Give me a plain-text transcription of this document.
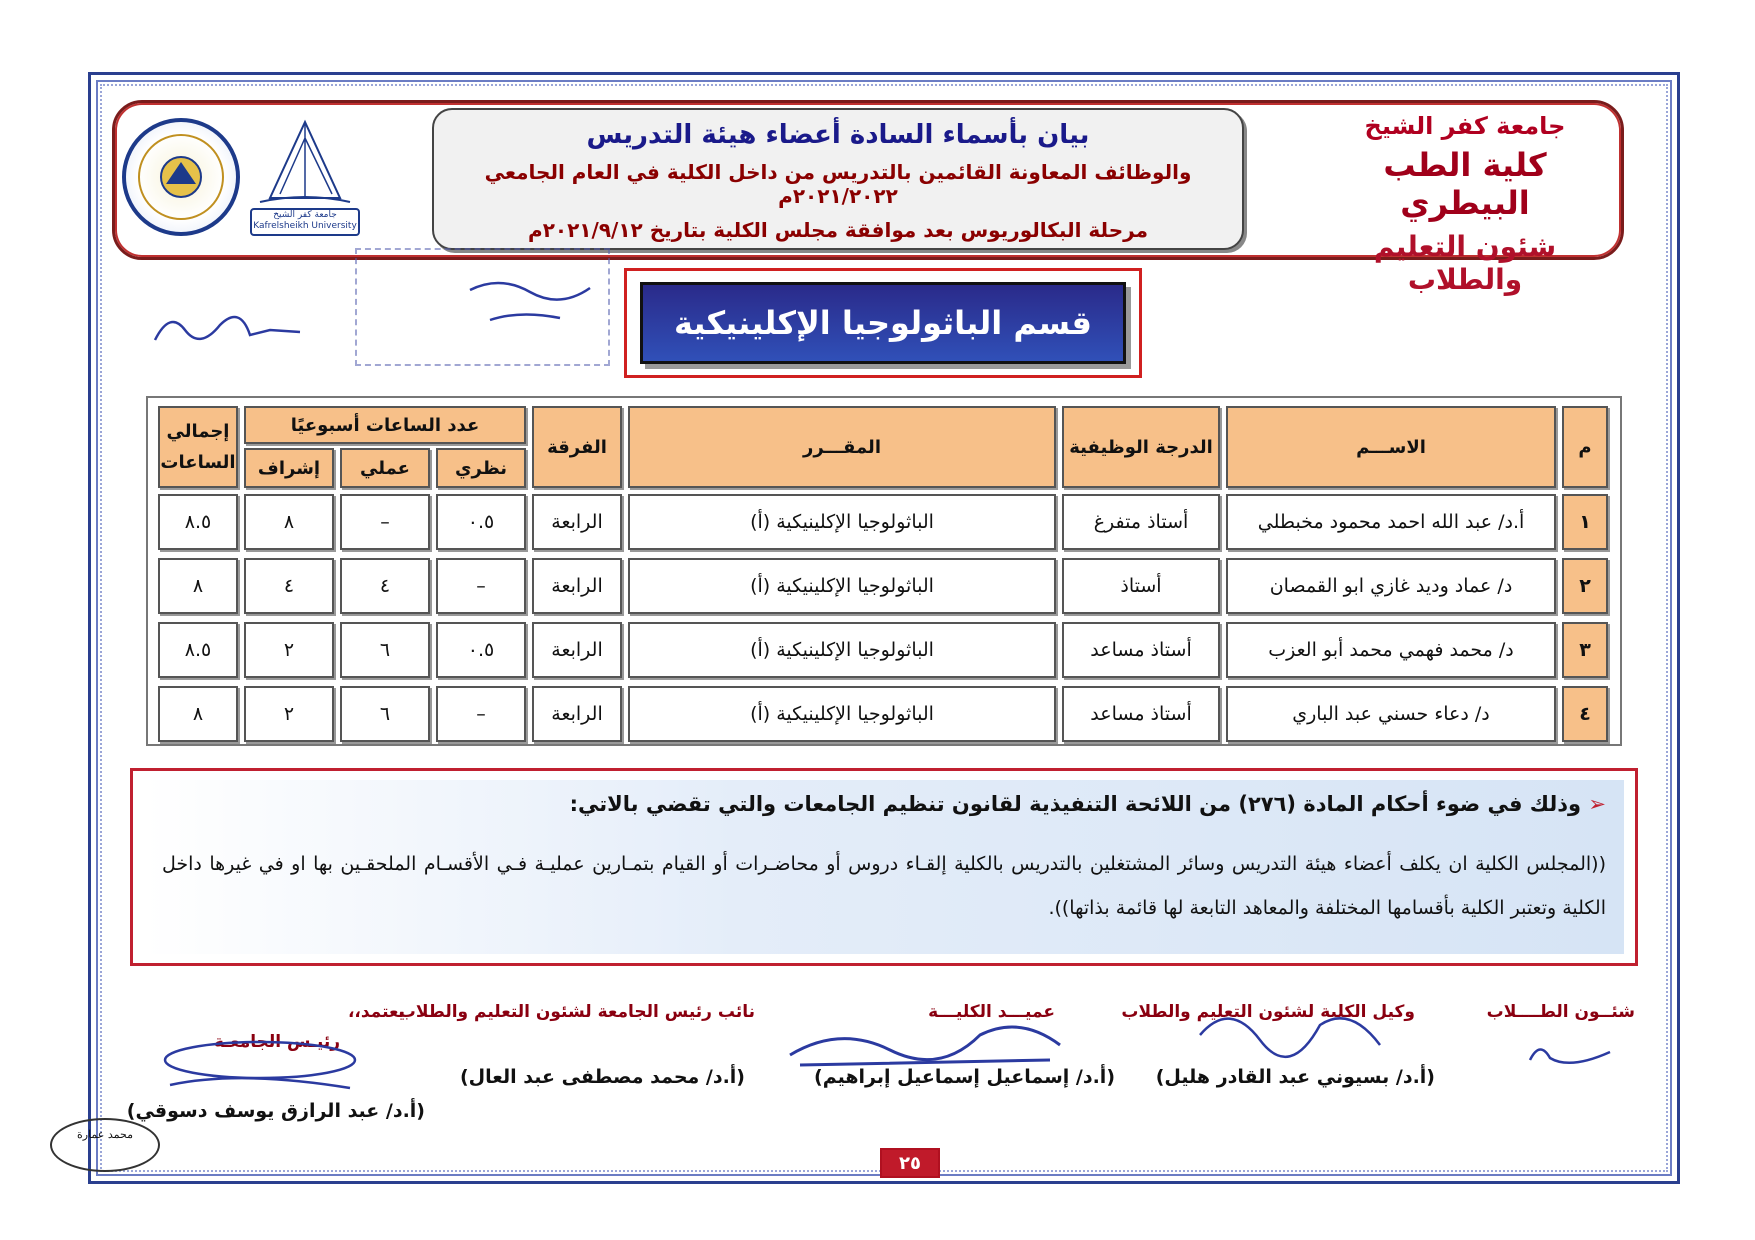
جامعة كفر الشيخ
كلية الطب البيطري
شئون التعليم والطلاب
بيان بأسماء السادة أعضاء هيئة التدريس
والوظائف المعاونة القائمين بالتدريس من داخل الكلية في العام الجامعي ٢٠٢١/٢٠٢٢م
مرحلة البكالوريوس بعد موافقة مجلس الكلية بتاريخ ٢٠٢١/٩/١٢م
جامعة كفر الشيخ Kafrelsheikh University
قسم الباثولوجيا الإكلينيكية
م
الاســـم
الدرجة الوظيفية
المقـــرر
الفرقة
عدد الساعات أسبوعيًا
نظري
عملي
إشراف
إجمالي
الساعات
١
أ.د/ عبد الله احمد محمود مخبطلي
أستاذ متفرغ
الباثولوجيا الإكلينيكية (أ)
الرابعة
٠.٥
–
٨
٨.٥
٢
د/ عماد وديد غازي ابو القمصان
أستاذ
الباثولوجيا الإكلينيكية (أ)
الرابعة
–
٤
٤
٨
٣
د/ محمد فهمي محمد أبو العزب
أستاذ مساعد
الباثولوجيا الإكلينيكية (أ)
الرابعة
٠.٥
٦
٢
٨.٥
٤
د/ دعاء حسني عبد الباري
أستاذ مساعد
الباثولوجيا الإكلينيكية (أ)
الرابعة
–
٦
٢
٨
➢ وذلك في ضوء أحكام المادة (٢٧٦) من اللائحة التنفيذية لقانون تنظيم الجامعات والتي تقضي بالاتي:
((المجلس الكلية ان يكلف أعضاء هيئة التدريس وسائر المشتغلين بالتدريس بالكلية إلقـاء دروس أو محاضـرات أو القيام بتمـارين عمليـة فـي الأقسـام الملحقـين بها او في غيرها داخل الكلية وتعتبر الكلية بأقسامها المختلفة والمعاهد التابعة لها قائمة بذاتها)).
شئــون الطــــلاب
وكيل الكلية لشئون التعليم والطلاب
(أ.د/ بسيوني عبد القادر هليل)
عميـــد الكليـــة
(أ.د/ إسماعيل إسماعيل إبراهيم)
نائب رئيس الجامعة لشئون التعليم والطلاب
(أ.د/ محمد مصطفى عبد العال)
يعتمد،،
رئيـس الجامعـة
(أ.د/ عبد الرازق يوسف دسوقي)
محمد عمارة
٢٥
